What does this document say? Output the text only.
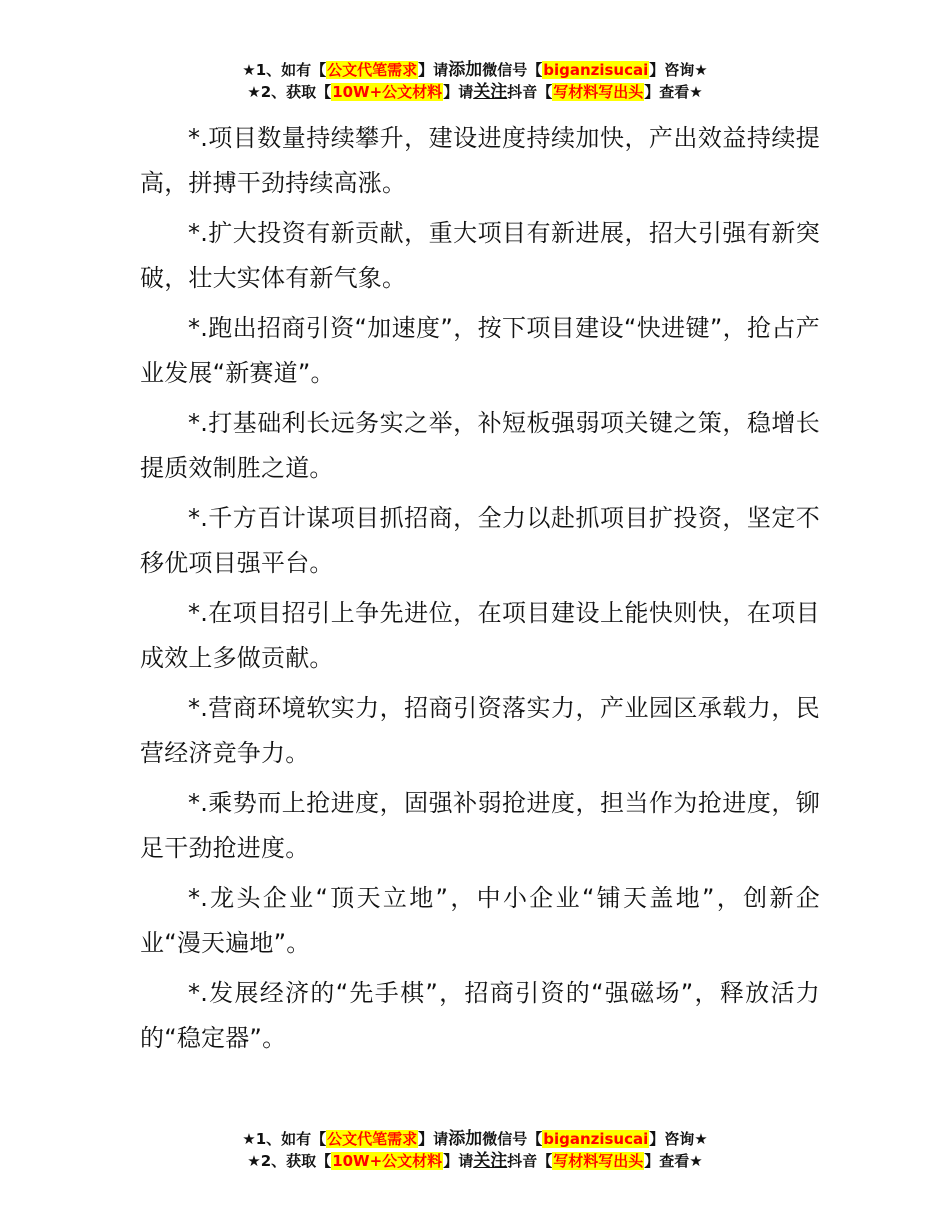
★1、如有【公文代笔需求】请添加微信号【biganzisucai】咨询★
★2、获取【10W+公文材料】请关注抖音【写材料写出头】查看★

*.项目数量持续攀升，建设进度持续加快，产出效益持续提高，拼搏干劲持续高涨。

*.扩大投资有新贡献，重大项目有新进展，招大引强有新突破，壮大实体有新气象。

*.跑出招商引资“加速度”，按下项目建设“快进键”，抢占产业发展“新赛道”。

*.打基础利长远务实之举，补短板强弱项关键之策，稳增长提质效制胜之道。

*.千方百计谋项目抓招商，全力以赴抓项目扩投资，坚定不移优项目强平台。

*.在项目招引上争先进位，在项目建设上能快则快，在项目成效上多做贡献。

*.营商环境软实力，招商引资落实力，产业园区承载力，民营经济竞争力。

*.乘势而上抢进度，固强补弱抢进度，担当作为抢进度，铆足干劲抢进度。

*.龙头企业“顶天立地”，中小企业“铺天盖地”，创新企业“漫天遍地”。

*.发展经济的“先手棋”，招商引资的“强磁场”，释放活力的“稳定器”。

★1、如有【公文代笔需求】请添加微信号【biganzisucai】咨询★
★2、获取【10W+公文材料】请关注抖音【写材料写出头】查看★
